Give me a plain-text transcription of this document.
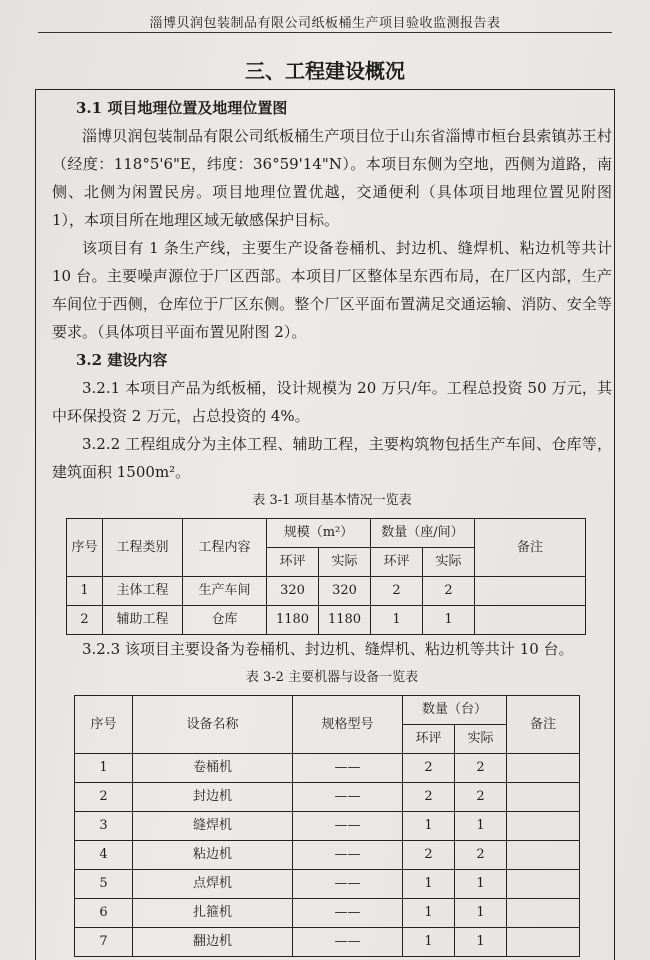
淄博贝润包装制品有限公司纸板桶生产项目验收监测报告表
三、工程建设概况
3.1 项目地理位置及地理位置图

淄博贝润包装制品有限公司纸板桶生产项目位于山东省淄博市桓台县索镇苏王村（经度：118°5'6"E，纬度：36°59'14"N）。本项目东侧为空地，西侧为道路，南侧、北侧为闲置民房。项目地理位置优越，交通便利（具体项目地理位置见附图 1），本项目所在地理区域无敏感保护目标。

该项目有 1 条生产线，主要生产设备卷桶机、封边机、缝焊机、粘边机等共计 10 台。主要噪声源位于厂区西部。本项目厂区整体呈东西布局，在厂区内部，生产车间位于西侧，仓库位于厂区东侧。整个厂区平面布置满足交通运输、消防、安全等要求。（具体项目平面布置见附图 2）。

3.2 建设内容

3.2.1 本项目产品为纸板桶，设计规模为 20 万只/年。工程总投资 50 万元，其中环保投资 2 万元，占总投资的 4%。

3.2.2 工程组成分为主体工程、辅助工程，主要构筑物包括生产车间、仓库等，建筑面积 1500m²。

表 3-1 项目基本情况一览表
序号	工程类别	工程内容	规模（m²）		数量（座/间）		备注
			环评	实际	环评	实际	
1	主体工程	生产车间	320	320	2	2	
2	辅助工程	仓库	1180	1180	1	1	

3.2.3 该项目主要设备为卷桶机、封边机、缝焊机、粘边机等共计 10 台。

表 3-2 主要机器与设备一览表
序号	设备名称	规格型号	数量（台）		备注
			环评	实际	
1	卷桶机	——	2	2	
2	封边机	——	2	2	
3	缝焊机	——	1	1	
4	粘边机	——	2	2	
5	点焊机	——	1	1	
6	扎箍机	——	1	1	
7	翻边机	——	1	1	
